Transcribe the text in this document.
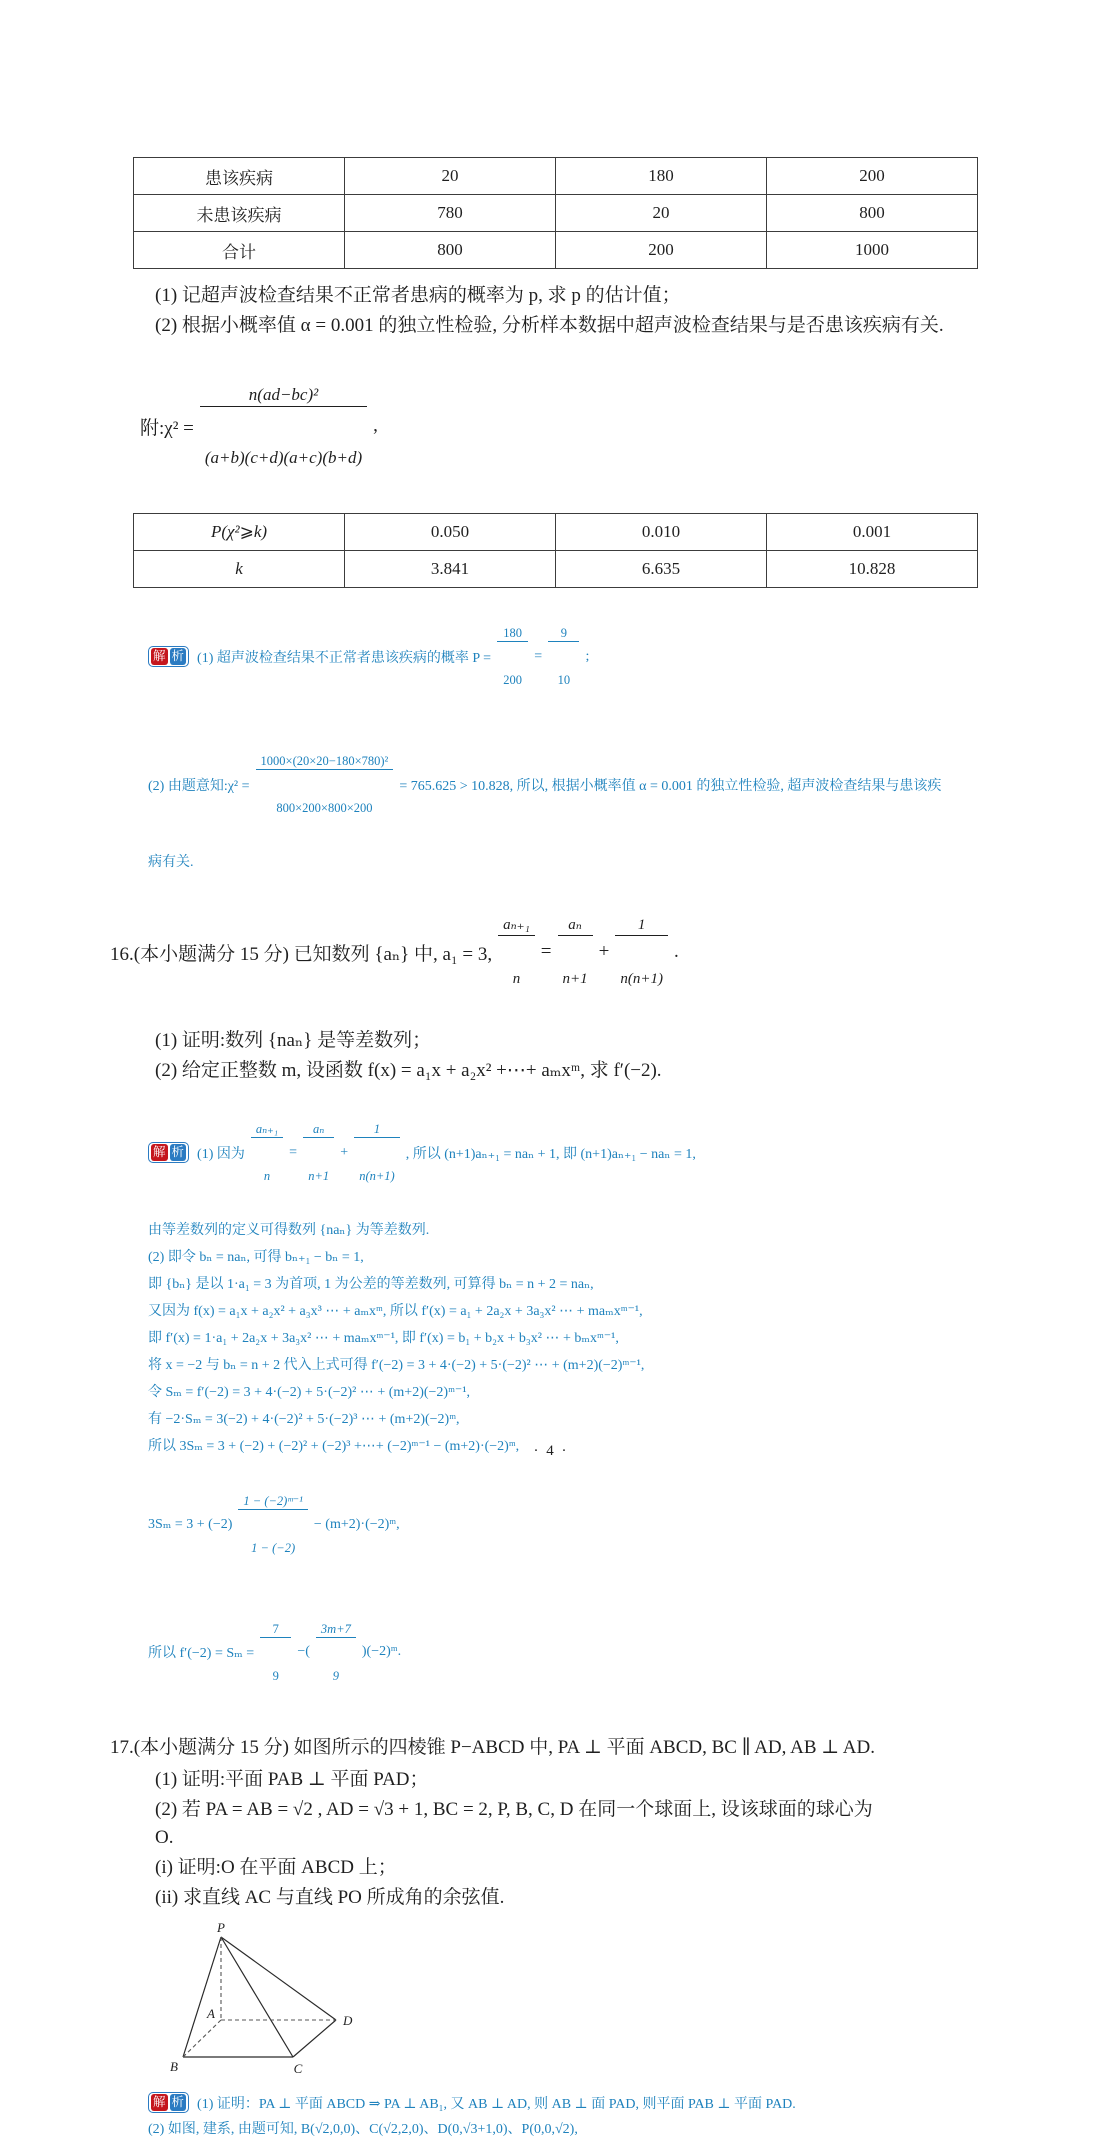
患该疾病	20	180	200
未患该疾病	780	20	800
合计	800	200	1000

(1) 记超声波检查结果不正常者患病的概率为 p, 求 p 的估计值；

(2) 根据小概率值 α = 0.001 的独立性检验, 分析样本数据中超声波检查结果与是否患该疾病有关.

附:χ² =

$\frac{\text{n(ad−bc)²}}{(a+b)(c+d)(a+c)(b+d)}$

,
P(χ²⩾k)	0.050	0.010	0.001
k	3.841	6.635	10.828
解 析 (1) 超声波检查结果不正常者患该疾病的概率 P =

$\frac{180}{200}$

=

$\frac{9}{10}$

;
(2) 由题意知:χ² =

$\frac{\text{1000×(20×20−180×780)²}}{800\times 200\times 800\times 200}$

= 765.625 > 10.828, 所以, 根据小概率值 α = 0.001 的独立性检验, 超声波检查结果与患该疾

病有关.

16.(本小题满分 15 分) 已知数列 {aₙ} 中, a₁ = 3,

$\frac{\text{aₙ₊₁}}{n}$

=

$\frac{\text{aₙ}}{n+1}$

+

$\frac{1}{n(n+1)}$

.

(1) 证明:数列 {naₙ} 是等差数列；

(2) 给定正整数 m, 设函数 f(x) = a₁x + a₂x² +⋯+ aₘxᵐ, 求 f′(−2).

解 析 (1) 因为

$\frac{\text{aₙ₊₁}}{n}$

=

$\frac{\text{aₙ}}{n+1}$

+

$\frac{1}{n(n+1)}$

, 所以 (n+1)aₙ₊₁ = naₙ + 1, 即 (n+1)aₙ₊₁ − naₙ = 1,

由等差数列的定义可得数列 {naₙ} 为等差数列.

(2) 即令 bₙ = naₙ, 可得 bₙ₊₁ − bₙ = 1,

即 {bₙ} 是以 1·a₁ = 3 为首项, 1 为公差的等差数列, 可算得 bₙ = n + 2 = naₙ,

又因为 f(x) = a₁x + a₂x² + a₃x³ ⋯ + aₘxᵐ, 所以 f′(x) = a₁ + 2a₂x + 3a₃x² ⋯ + maₘxᵐ⁻¹,

即 f′(x) = 1·a₁ + 2a₂x + 3a₃x² ⋯ + maₘxᵐ⁻¹, 即 f′(x) = b₁ + b₂x + b₃x² ⋯ + bₘxᵐ⁻¹,

将 x = −2 与 bₙ = n + 2 代入上式可得 f′(−2) = 3 + 4·(−2) + 5·(−2)² ⋯ + (m+2)(−2)ᵐ⁻¹,

令 Sₘ = f′(−2) = 3 + 4·(−2) + 5·(−2)² ⋯ + (m+2)(−2)ᵐ⁻¹,

有 −2·Sₘ = 3(−2) + 4·(−2)² + 5·(−2)³ ⋯ + (m+2)(−2)ᵐ,

所以 3Sₘ = 3 + (−2) + (−2)² + (−2)³ +⋯+ (−2)ᵐ⁻¹ − (m+2)·(−2)ᵐ,

3Sₘ = 3 + (−2)

$\frac{\text{1 − (−2)ᵐ⁻¹}}{1 - (-2)}$

− (m+2)·(−2)ᵐ,
所以 f′(−2) = Sₘ =

$\frac{7}{9}$

−(

$\frac{3m+7}{9}$

)(−2)ᵐ.

17.(本小题满分 15 分) 如图所示的四棱锥 P−ABCD 中, PA ⊥ 平面 ABCD, BC ∥ AD, AB ⊥ AD.

(1) 证明:平面 PAB ⊥ 平面 PAD；

(2) 若 PA = AB = √2 , AD = √3 + 1, BC = 2, P, B, C, D 在同一个球面上, 设该球面的球心为

O.

(i) 证明:O 在平面 ABCD 上；

(ii) 求直线 AC 与直线 PO 所成角的余弦值.

P
A	D
B	C
解 析 (1) 证明：PA ⊥ 平面 ABCD ⇒ PA ⊥ AB₁, 又 AB ⊥ AD, 则 AB ⊥ 面 PAD, 则平面 PAB ⊥ 平面 PAD.

(2) 如图, 建系, 由题可知, B(√2,0,0)、C(√2,2,0)、D(0,√3+1,0)、P(0,0,√2),

· 4 ·
